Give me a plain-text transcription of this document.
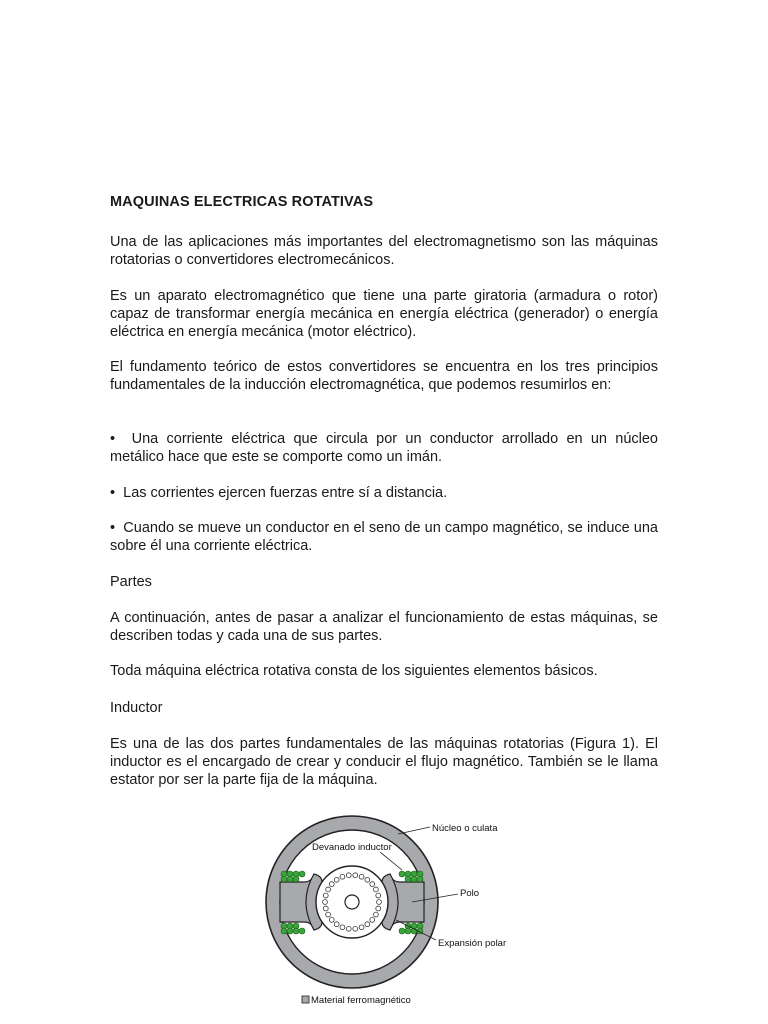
MAQUINAS ELECTRICAS ROTATIVAS
Una de las aplicaciones más importantes del electromagnetismo son las máquinas rotatorias o convertidores electromecánicos.
Es un aparato electromagnético que tiene una parte giratoria (armadura o rotor) capaz de transformar energía mecánica en energía eléctrica (generador) o energía eléctrica en energía mecánica (motor eléctrico).
El fundamento teórico de estos convertidores se encuentra en los tres principios fundamentales de la inducción electromagnética, que podemos resumirlos en:
•  Una corriente eléctrica que circula por un conductor arrollado en un núcleo metálico hace que este se comporte como un imán.
•  Las corrientes ejercen fuerzas entre sí a distancia.
•  Cuando se mueve un conductor en el seno de un campo magnético, se induce una sobre él una corriente eléctrica.
Partes
A continuación, antes de pasar a analizar el funcionamiento de estas máquinas, se describen todas y cada una de sus partes.
Toda máquina eléctrica rotativa consta de los siguientes elementos básicos.
Inductor
Es una de las dos partes fundamentales de las máquinas rotatorias (Figura 1). El inductor es el encargado de crear y conducir el flujo magnético. También se le llama estator por ser la parte fija de la máquina.
Núcleo o culata
Devanado inductor
Polo
Expansión polar
Material ferromagnético
